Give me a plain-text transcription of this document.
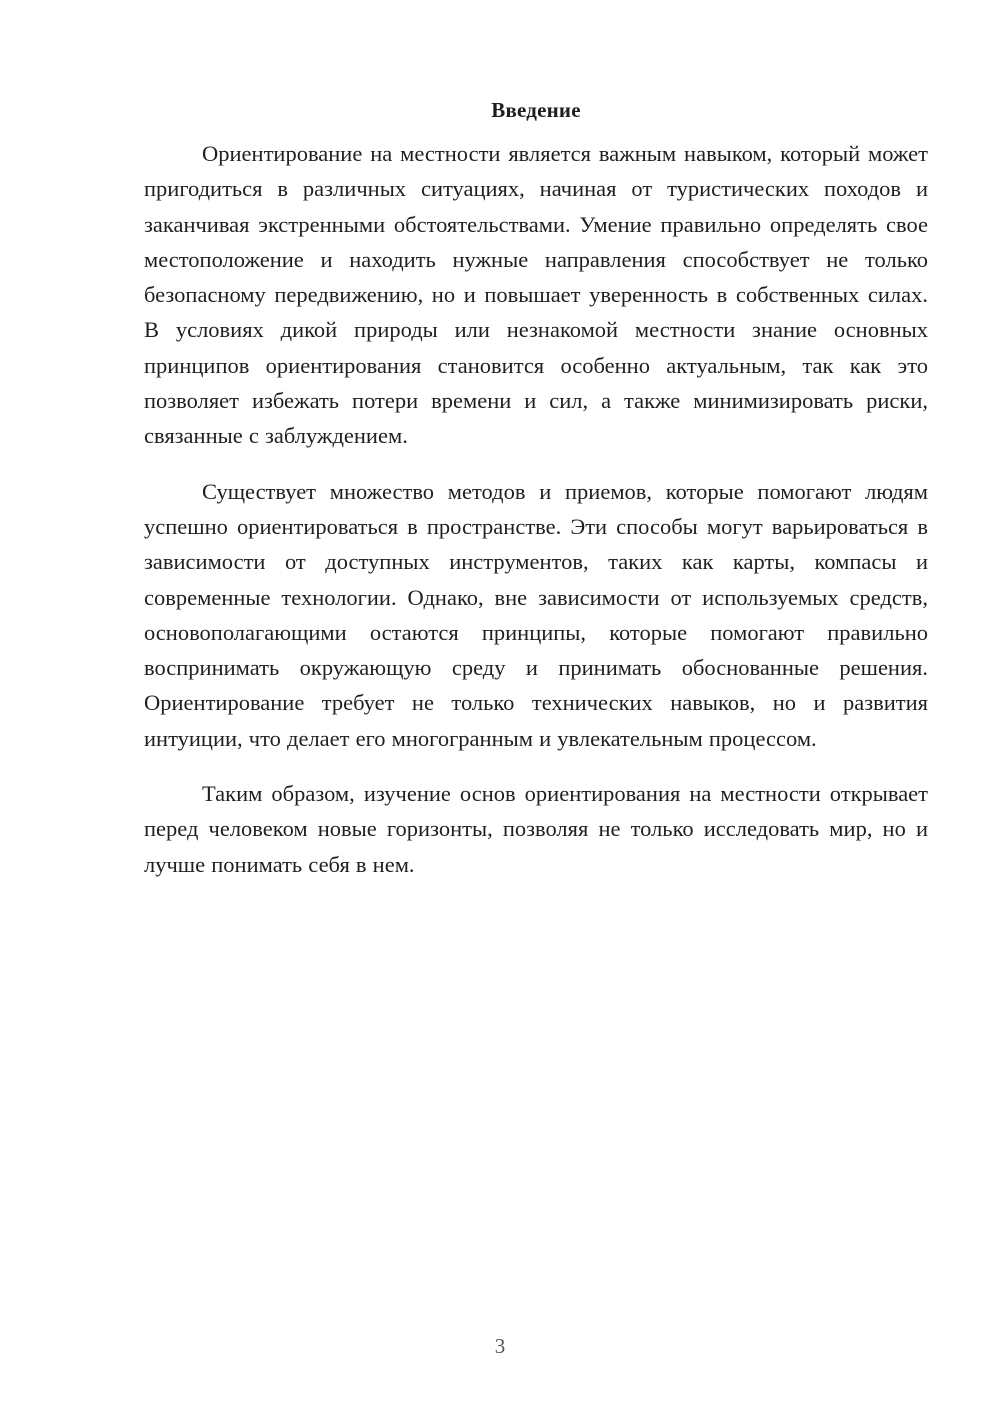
Введение

Ориентирование на местности является важным навыком, который может пригодиться в различных ситуациях, начиная от туристических походов и заканчивая экстренными обстоятельствами. Умение правильно определять свое местоположение и находить нужные направления способствует не только безопасному передвижению, но и повышает уверенность в собственных силах. В условиях дикой природы или незнакомой местности знание основных принципов ориентирования становится особенно актуальным, так как это позволяет избежать потери времени и сил, а также минимизировать риски, связанные с заблуждением.

Существует множество методов и приемов, которые помогают людям успешно ориентироваться в пространстве. Эти способы могут варьироваться в зависимости от доступных инструментов, таких как карты, компасы и современные технологии. Однако, вне зависимости от используемых средств, основополагающими остаются принципы, которые помогают правильно воспринимать окружающую среду и принимать обоснованные решения. Ориентирование требует не только технических навыков, но и развития интуиции, что делает его многогранным и увлекательным процессом.

Таким образом, изучение основ ориентирования на местности открывает перед человеком новые горизонты, позволяя не только исследовать мир, но и лучше понимать себя в нем.

3
